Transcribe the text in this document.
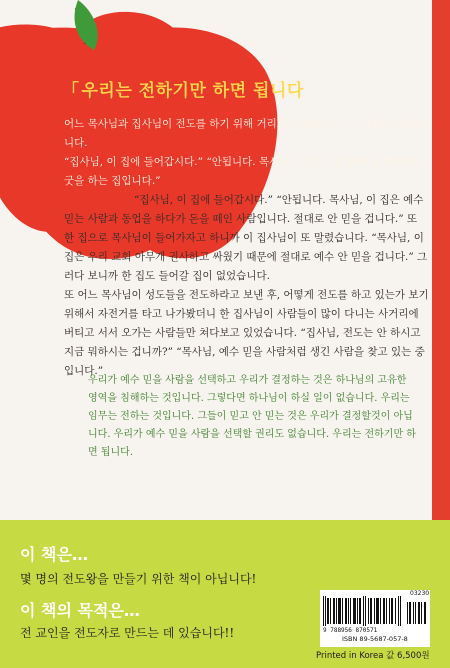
「 우리는 전하기만 하면 됩니다

어느 목사님과 집사님이 전도를 하기 위해 거리로 나섰습니다. 두 사람의 대화입니다.

“집사님, 이 집에 들어갑시다.” “안됩니다. 목사님, 이 집은 일 년에 세 번씩이나 굿을 하는 집입니다.”

“집사님, 이 집에 들어갑시다.” “안됩니다. 목사님, 이 집은 예수 믿는 사람과 동업을 하다가 돈을 떼인 사람입니다. 절대로 안 믿을 겁니다.” 또 한 집으로 목사님이 들어가자고 하니까 이 집사님이 또 말렸습니다. “목사님, 이 집은 우리 교회 아무개 권사하고 싸웠기 때문에 절대로 예수 안 믿을 겁니다.” 그러다 보니까 한 집도 들어갈 집이 없었습니다.

또 어느 목사님이 성도들을 전도하라고 보낸 후, 어떻게 전도를 하고 있는가 보기 위해서 자전거를 타고 나가봤더니 한 집사님이 사람들이 많이 다니는 사거리에 버티고 서서 오가는 사람들만 쳐다보고 있었습니다. “집사님, 전도는 안 하시고 지금 뭐하시는 겁니까?” “목사님, 예수 믿을 사람처럼 생긴 사람을 찾고 있는 중입니다.”

우리가 예수 믿을 사람을 선택하고 우리가 결정하는 것은 하나님의 고유한 영역을 침해하는 것입니다. 그렇다면 하나님이 하실 일이 없습니다. 우리는 임무는 전하는 것입니다. 그들이 믿고 안 믿는 것은 우리가 결정할것이 아닙니다. 우리가 예수 믿을 사람을 선택할 권리도 없습니다. 우리는 전하기만 하면 됩니다.
이 책은…
몇 명의 전도왕을 만들기 위한 책이 아닙니다!
이 책의 목적은…
전 교인을 전도자로 만드는 데 있습니다!!
03230
9 788956 870571
ISBN 89-5687-057-8
Printed in Korea 값 6,500원
